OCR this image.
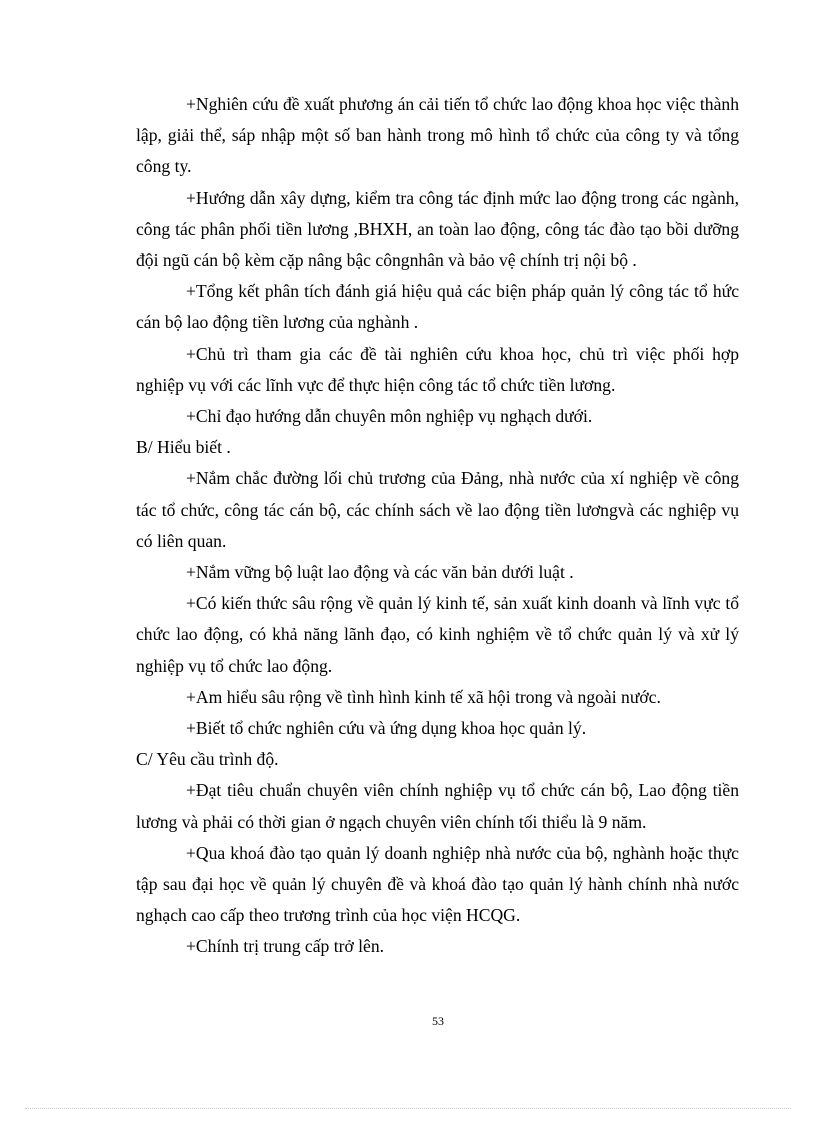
+Nghiên cứu đề xuất phương án cải tiến tổ chức lao động khoa học việc thành lập, giải thể, sáp nhập một số ban hành trong mô hình tổ chức của công ty và tổng công ty.

+Hướng dẫn xây dựng, kiểm tra công tác định mức lao động trong các ngành, công tác phân phối tiền lương ,BHXH, an toàn lao động, công tác đào tạo bồi dưỡng đội ngũ cán bộ kèm cặp nâng bậc côngnhân và bảo vệ chính trị nội bộ .

+Tổng kết phân tích đánh giá hiệu quả các biện pháp quản lý công tác tổ hức cán bộ lao động tiền lương của nghành .

+Chủ trì tham gia các đề tài nghiên cứu khoa học, chủ trì việc phối hợp nghiệp vụ với các lĩnh vực để thực hiện công tác tổ chức tiền lương.

+Chỉ đạo hướng dẫn chuyên môn nghiệp vụ nghạch dưới.

B/ Hiểu biết .

+Nắm chắc đường lối chủ trương của Đảng, nhà nước của xí nghiệp về công tác tổ chức, công tác cán bộ, các chính sách về lao động tiền lươngvà các nghiệp vụ có liên quan.

+Nắm vững bộ luật lao động và các văn bản dưới luật .

+Có kiến thức sâu rộng về quản lý kinh tế, sản xuất kinh doanh và lĩnh vực tổ chức lao động, có khả năng lãnh đạo, có kinh nghiệm về tổ chức quản lý và xử lý nghiệp vụ tổ chức lao động.

+Am hiểu sâu rộng về tình hình kinh tế xã hội trong và ngoài nước.

+Biết tổ chức nghiên cứu và ứng dụng khoa học quản lý.

C/ Yêu cầu trình độ.

+Đạt tiêu chuẩn chuyên viên chính nghiệp vụ tổ chức cán bộ, Lao động tiền lương và phải có thời gian ở ngạch chuyên viên chính tối thiểu là 9 năm.

+Qua khoá đào tạo quản lý doanh nghiệp nhà nước của bộ, nghành hoặc thực tập sau đại học về quản lý chuyên đề và khoá đào tạo quản lý hành chính nhà nước nghạch cao cấp theo trương trình của học viện HCQG.

+Chính trị trung cấp trở lên.

53
